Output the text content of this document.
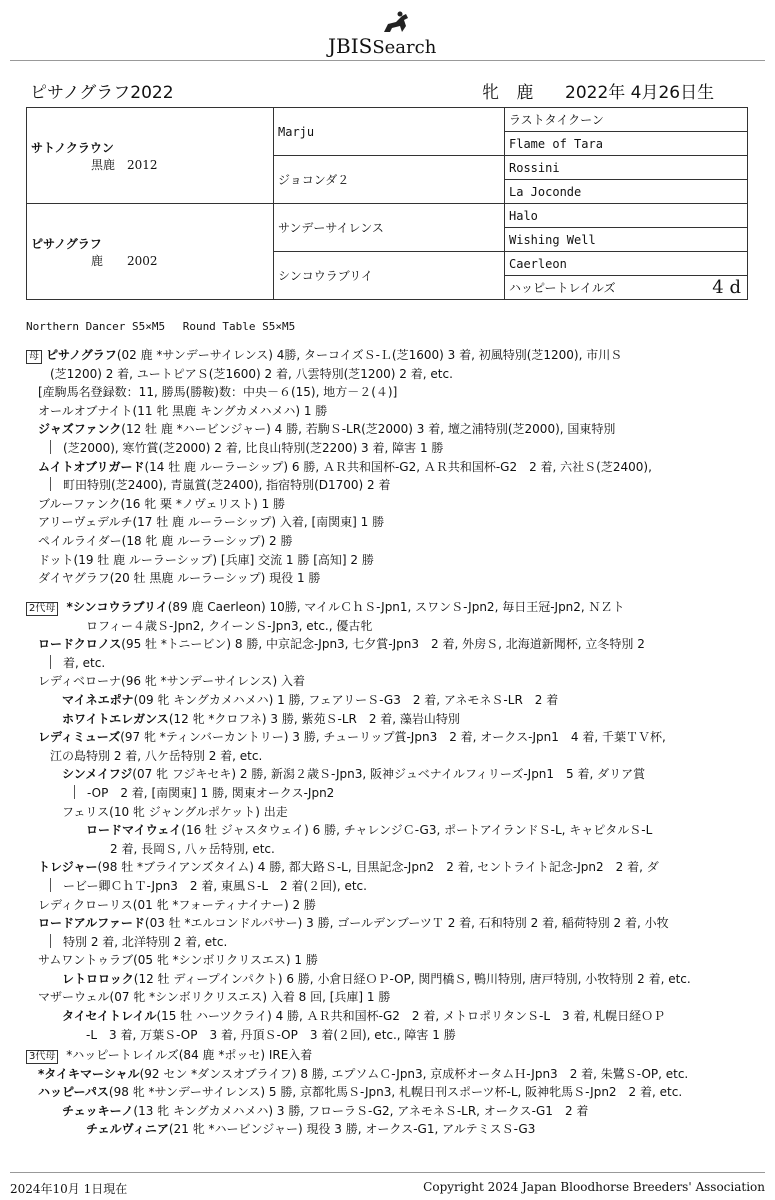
JBISSearch
ピサノグラフ2022	牝 鹿 2022年 4月26日生
サトノクラウン
黒鹿　2012	Marju	ラストタイクーン
		Flame of Tara
	ジョコンダ２	Rossini
		La Joconde

ピサノグラフ
鹿　　2002	サンデーサイレンス	Halo
		Wishing Well
	シンコウラブリイ	Caerleon
		ハッピートレイルズ 4 d
Northern Dancer S5×M5　 Round Table S5×M5
母 ピサノグラフ(02 鹿 *サンデーサイレンス) 4勝, ターコイズＳ-Ｌ(芝1600) 3 着, 初風特別(芝1200), 市川Ｓ
　　(芝1200) 2 着, ユートピアＳ(芝1600) 2 着, 八雲特別(芝1200) 2 着, etc.
　[産駒馬名登録数：11, 勝馬(勝鞍)数：中央－６(15), 地方－２(４)]
　オールオブナイト(11 牝 黒鹿 キングカメハメハ) 1 勝
　ジャズファンク(12 牡 鹿 *ハービンジャー) 4 勝, 若駒Ｓ-LR(芝2000) 3 着, 壇之浦特別(芝2000), 国東特別
　　(芝2000), 寒竹賞(芝2000) 2 着, 比良山特別(芝2200) 3 着, 障害 1 勝
　ムイトオブリガード(14 牡 鹿 ルーラーシップ) 6 勝, ＡＲ共和国杯-G2, ＡＲ共和国杯-G2　2 着, 六社Ｓ(芝2400),
　　町田特別(芝2400), 青嵐賞(芝2400), 指宿特別(D1700) 2 着
　ブルーファンク(16 牝 栗 *ノヴェリスト) 1 勝
　アリーヴェデルチ(17 牡 鹿 ルーラーシップ) 入着, [南関東] 1 勝
　ペイルライダー(18 牝 鹿 ルーラーシップ) 2 勝
　ドット(19 牡 鹿 ルーラーシップ) [兵庫] 交流 1 勝 [高知] 2 勝
　ダイヤグラフ(20 牡 黒鹿 ルーラーシップ) 現役 1 勝
2代母 *シンコウラブリイ(89 鹿 Caerleon) 10勝, マイルＣｈＳ-Jpn1, スワンＳ-Jpn2, 毎日王冠-Jpn2, ＮＺト
　　　　　ロフィー４歳Ｓ-Jpn2, クイーンＳ-Jpn3, etc., 優古牝
　ロードクロノス(95 牡 *トニービン) 8 勝, 中京記念-Jpn3, 七夕賞-Jpn3　2 着, 外房Ｓ, 北海道新聞杯, 立冬特別 2
　　着, etc.
　レディベローナ(96 牝 *サンデーサイレンス) 入着
　　　マイネエポナ(09 牝 キングカメハメハ) 1 勝, フェアリーＳ-G3　2 着, アネモネＳ-LR　2 着
　　　ホワイトエレガンス(12 牝 *クロフネ) 3 勝, 紫苑Ｓ-LR　2 着, 藻岩山特別
　レディミューズ(97 牝 *ティンバーカントリー) 3 勝, チューリップ賞-Jpn3　2 着, オークス-Jpn1　4 着, 千葉ＴＶ杯,
　　江の島特別 2 着, 八ケ岳特別 2 着, etc.
　　　シンメイフジ(07 牝 フジキセキ) 2 勝, 新潟２歳Ｓ-Jpn3, 阪神ジュベナイルフィリーズ-Jpn1　5 着, ダリア賞
　　　　-OP　2 着, [南関東] 1 勝, 関東オークス-Jpn2
　　　フェリス(10 牝 ジャングルポケット) 出走
　　　　　ロードマイウェイ(16 牡 ジャスタウェイ) 6 勝, チャレンジＣ-G3, ポートアイランドＳ-L, キャピタルＳ-L
　　　　　　　2 着, 長岡Ｓ, 八ヶ岳特別, etc.
　トレジャー(98 牡 *ブライアンズタイム) 4 勝, 都大路Ｓ-L, 目黒記念-Jpn2　2 着, セントライト記念-Jpn2　2 着, ダ
　　ービー卿ＣｈＴ-Jpn3　2 着, 東風Ｓ-L　2 着(２回), etc.
　レディクローリス(01 牝 *フォーティナイナー) 2 勝
　ロードアルファード(03 牡 *エルコンドルパサー) 3 勝, ゴールデンブーツＴ 2 着, 石和特別 2 着, 稲荷特別 2 着, 小牧
　　特別 2 着, 北洋特別 2 着, etc.
　サムワントゥラブ(05 牝 *シンボリクリスエス) 1 勝
　　　レトロロック(12 牡 ディープインパクト) 6 勝, 小倉日経ＯＰ-OP, 関門橋Ｓ, 鴨川特別, 唐戸特別, 小牧特別 2 着, etc.
　マザーウェル(07 牝 *シンボリクリスエス) 入着 8 回, [兵庫] 1 勝
　　　タイセイトレイル(15 牡 ハーツクライ) 4 勝, ＡＲ共和国杯-G2　2 着, メトロポリタンＳ-L　3 着, 札幌日経ＯＰ
　　　　　-L　3 着, 万葉Ｓ-OP　3 着, 丹頂Ｓ-OP　3 着(２回), etc., 障害 1 勝
3代母 *ハッピートレイルズ(84 鹿 *ポッセ) IRE入着
　*タイキマーシャル(92 セン *ダンスオブライフ) 8 勝, エプソムＣ-Jpn3, 京成杯オータムＨ-Jpn3　2 着, 朱鷺Ｓ-OP, etc.
　ハッピーパス(98 牝 *サンデーサイレンス) 5 勝, 京都牝馬Ｓ-Jpn3, 札幌日刊スポーツ杯-L, 阪神牝馬Ｓ-Jpn2　2 着, etc.
　　　チェッキーノ(13 牝 キングカメハメハ) 3 勝, フローラＳ-G2, アネモネＳ-LR, オークス-G1　2 着
　　　　　チェルヴィニア(21 牝 *ハービンジャー) 現役 3 勝, オークス-G1, アルテミスＳ-G3
2024年10月 1日現在	Copyright 2024 Japan Bloodhorse Breeders' Association
